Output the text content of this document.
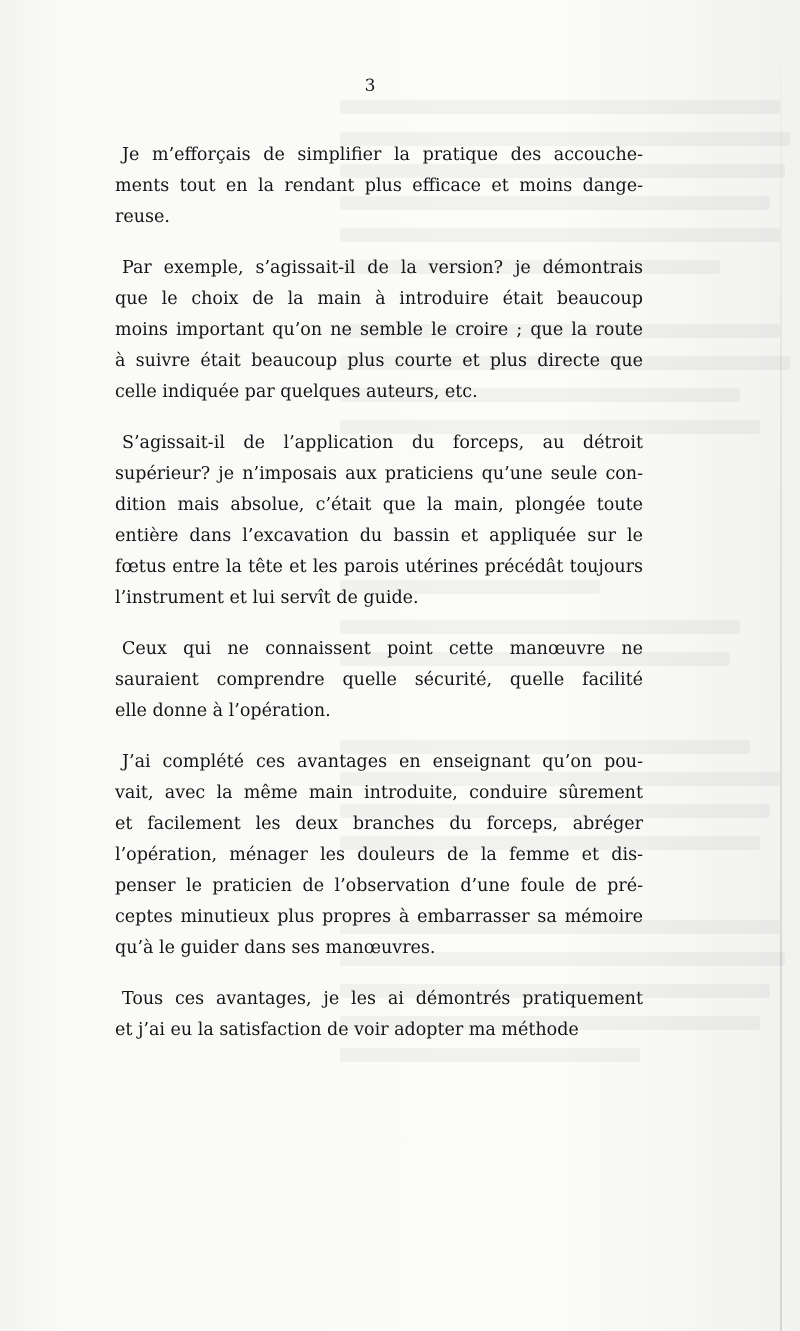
3
Je m’efforçais de simplifier la pratique des accouche-
ments tout en la rendant plus efficace et moins dange-
reuse.
Par exemple, s’agissait-il de la version? je démontrais
que le choix de la main à introduire était beaucoup
moins important qu’on ne semble le croire ; que la route
à suivre était beaucoup plus courte et plus directe que
celle indiquée par quelques auteurs, etc.
S’agissait-il de l’application du forceps, au détroit
supérieur? je n’imposais aux praticiens qu’une seule con-
dition mais absolue, c’était que la main, plongée toute
entière dans l’excavation du bassin et appliquée sur le
fœtus entre la tête et les parois utérines précédât toujours
l’instrument et lui servît de guide.
Ceux qui ne connaissent point cette manœuvre ne
sauraient comprendre quelle sécurité, quelle facilité
elle donne à l’opération.
J’ai complété ces avantages en enseignant qu’on pou-
vait, avec la même main introduite, conduire sûrement
et facilement les deux branches du forceps, abréger
l’opération, ménager les douleurs de la femme et dis-
penser le praticien de l’observation d’une foule de pré-
ceptes minutieux plus propres à embarrasser sa mémoire
qu’à le guider dans ses manœuvres.
Tous ces avantages, je les ai démontrés pratiquement
et j’ai eu la satisfaction de voir adopter ma méthode
